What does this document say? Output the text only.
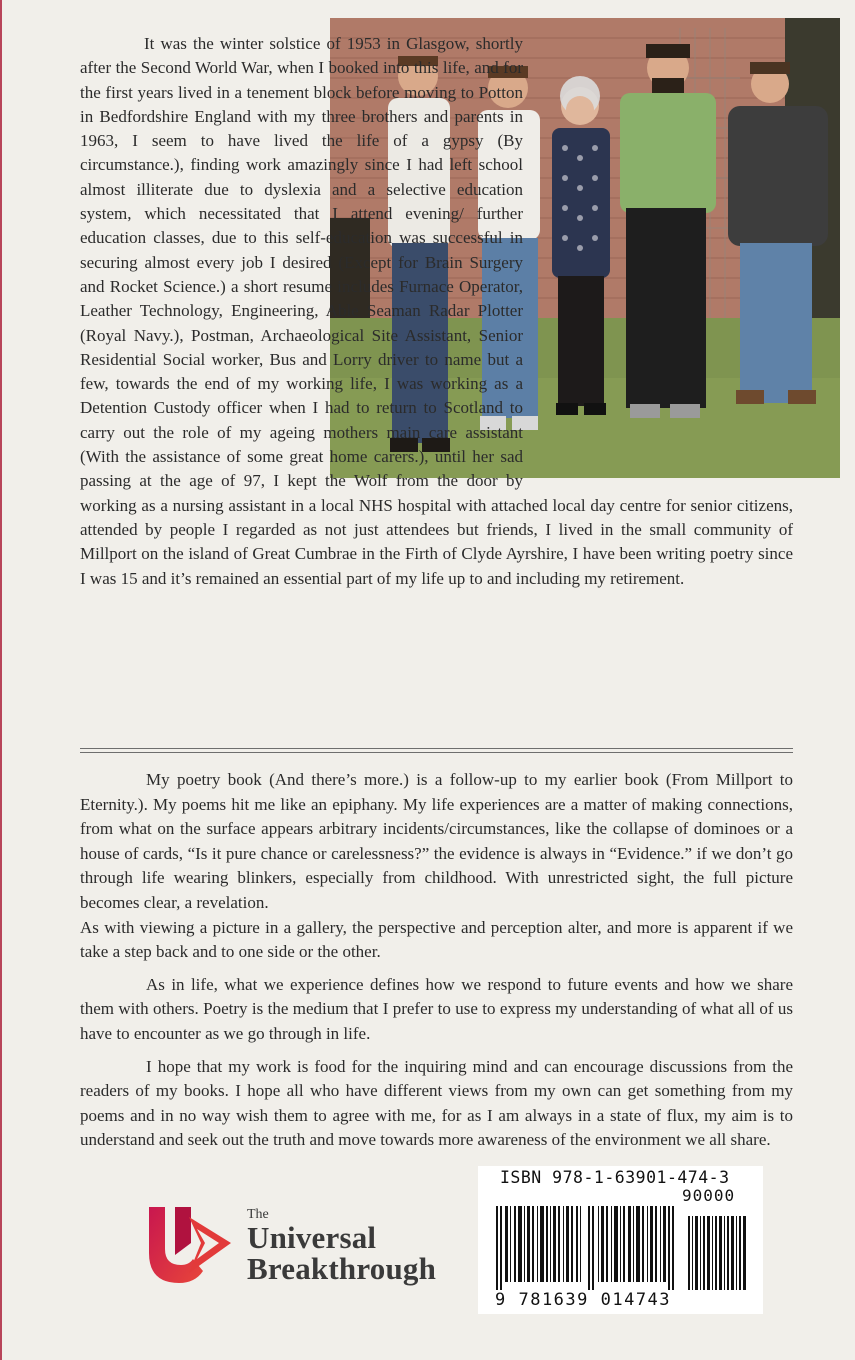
It was the winter solstice of 1953 in Glasgow, shortly after the Second World War, when I booked into this life, and for the first years lived in a tenement block before moving to Potton in Bedfordshire England with my three brothers and parents in 1963, I seem to have lived the life of a gypsy (By circumstance.), finding work amazingly since I had left school almost illiterate due to dyslexia and a selective education system, which necessitated that I attend evening/ further education classes, due to this self-education was successful in securing almost every job I desired (Except for Brain Surgery and Rocket Science.) a short resume includes Furnace Operator, Leather Technology, Engineering, Able Seaman Radar Plotter (Royal Navy.), Postman, Archaeological Site Assistant, Senior Residential Social worker, Bus and Lorry driver to name but a few, towards the end of my working life, I was working as a Detention Custody officer when I had to return to Scotland to carry out the role of my ageing mothers main care assistant (With the assistance of some great home carers.), until her sad passing at the age of 97, I kept the Wolf from the door by working as a nursing assistant in a local NHS hospital with attached local day centre for senior citizens, attended by people I regarded as not just attendees but friends, I lived in the small community of Millport on the island of Great Cumbrae in the Firth of Clyde Ayrshire, I have been writing poetry since I was 15 and it’s remained an essential part of my life up to and including my retirement.

My poetry book (And there’s more.) is a follow-up to my earlier book (From Millport to Eternity.). My poems hit me like an epiphany. My life experiences are a matter of making connections, from what on the surface appears arbitrary incidents/circumstances, like the collapse of dominoes or a house of cards, “Is it pure chance or carelessness?” the evidence is always in “Evidence.” if we don’t go through life wearing blinkers, especially from childhood. With unrestricted sight, the full picture becomes clear, a revelation.

As with viewing a picture in a gallery, the perspective and perception alter, and more is apparent if we take a step back and to one side or the other.

As in life, what we experience defines how we respond to future events and how we share them with others. Poetry is the medium that I prefer to use to express my understanding of what all of us have to encounter as we go through in life.

I hope that my work is food for the inquiring mind and can encourage discussions from the readers of my books. I hope all who have different views from my own can get something from my poems and in no way wish them to agree with me, for as I am always in a state of flux, my aim is to understand and seek out the truth and move towards more awareness of the environment we all share.

The
Universal
Breakthrough
ISBN 978-1-63901-474-3
90000
9 781639 014743
